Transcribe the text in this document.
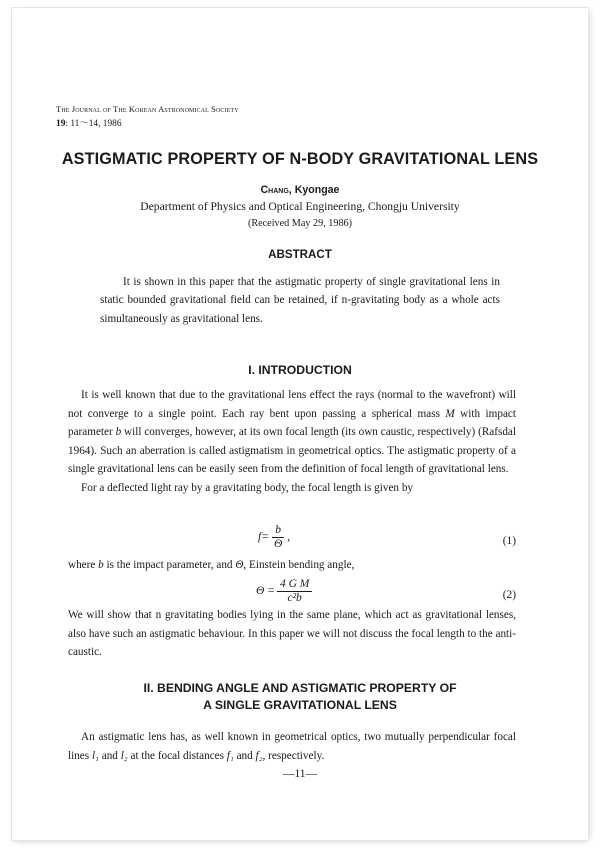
The Journal of The Korean Astronomical Society
19: 11～14, 1986
ASTIGMATIC PROPERTY OF N-BODY GRAVITATIONAL LENS
Chang, Kyongae
Department of Physics and Optical Engineering, Chongju University
(Received May 29, 1986)
ABSTRACT

It is shown in this paper that the astigmatic property of single gravitational lens in static bounded gravitational field can be retained, if n-gravitating body as a whole acts simultaneously as gravitational lens.

I. INTRODUCTION

It is well known that due to the gravitational lens effect the rays (normal to the wavefront) will not converge to a single point. Each ray bent upon passing a spherical mass M with impact parameter b will converges, however, at its own focal length (its own caustic, respectively) (Rafsdal 1964). Such an aberration is called astigmatism in geometrical optics. The astigmatic property of a single gravitational lens can be easily seen from the definition of focal length of gravitational lens.

For a deflected light ray by a gravitating body, the focal length is given by

$f= \frac{b}{\Theta}$ ,	(1)
where b is the impact parameter, and Θ, Einstein bending angle,
$\Theta = \frac{\text{4 G M}}{\text{c²b}}$	(2)

We will show that n gravitating bodies lying in the same plane, which act as gravitational lenses, also have such an astigmatic behaviour. In this paper we will not discuss the focal length to the anti-caustic.

II. BENDING ANGLE AND ASTIGMATIC PROPERTY OF
A SINGLE GRAVITATIONAL LENS

An astigmatic lens has, as well known in geometrical optics, two mutually perpendicular focal lines l₁ and l₂ at the focal distances f₁ and f₂, respectively.

—11—
